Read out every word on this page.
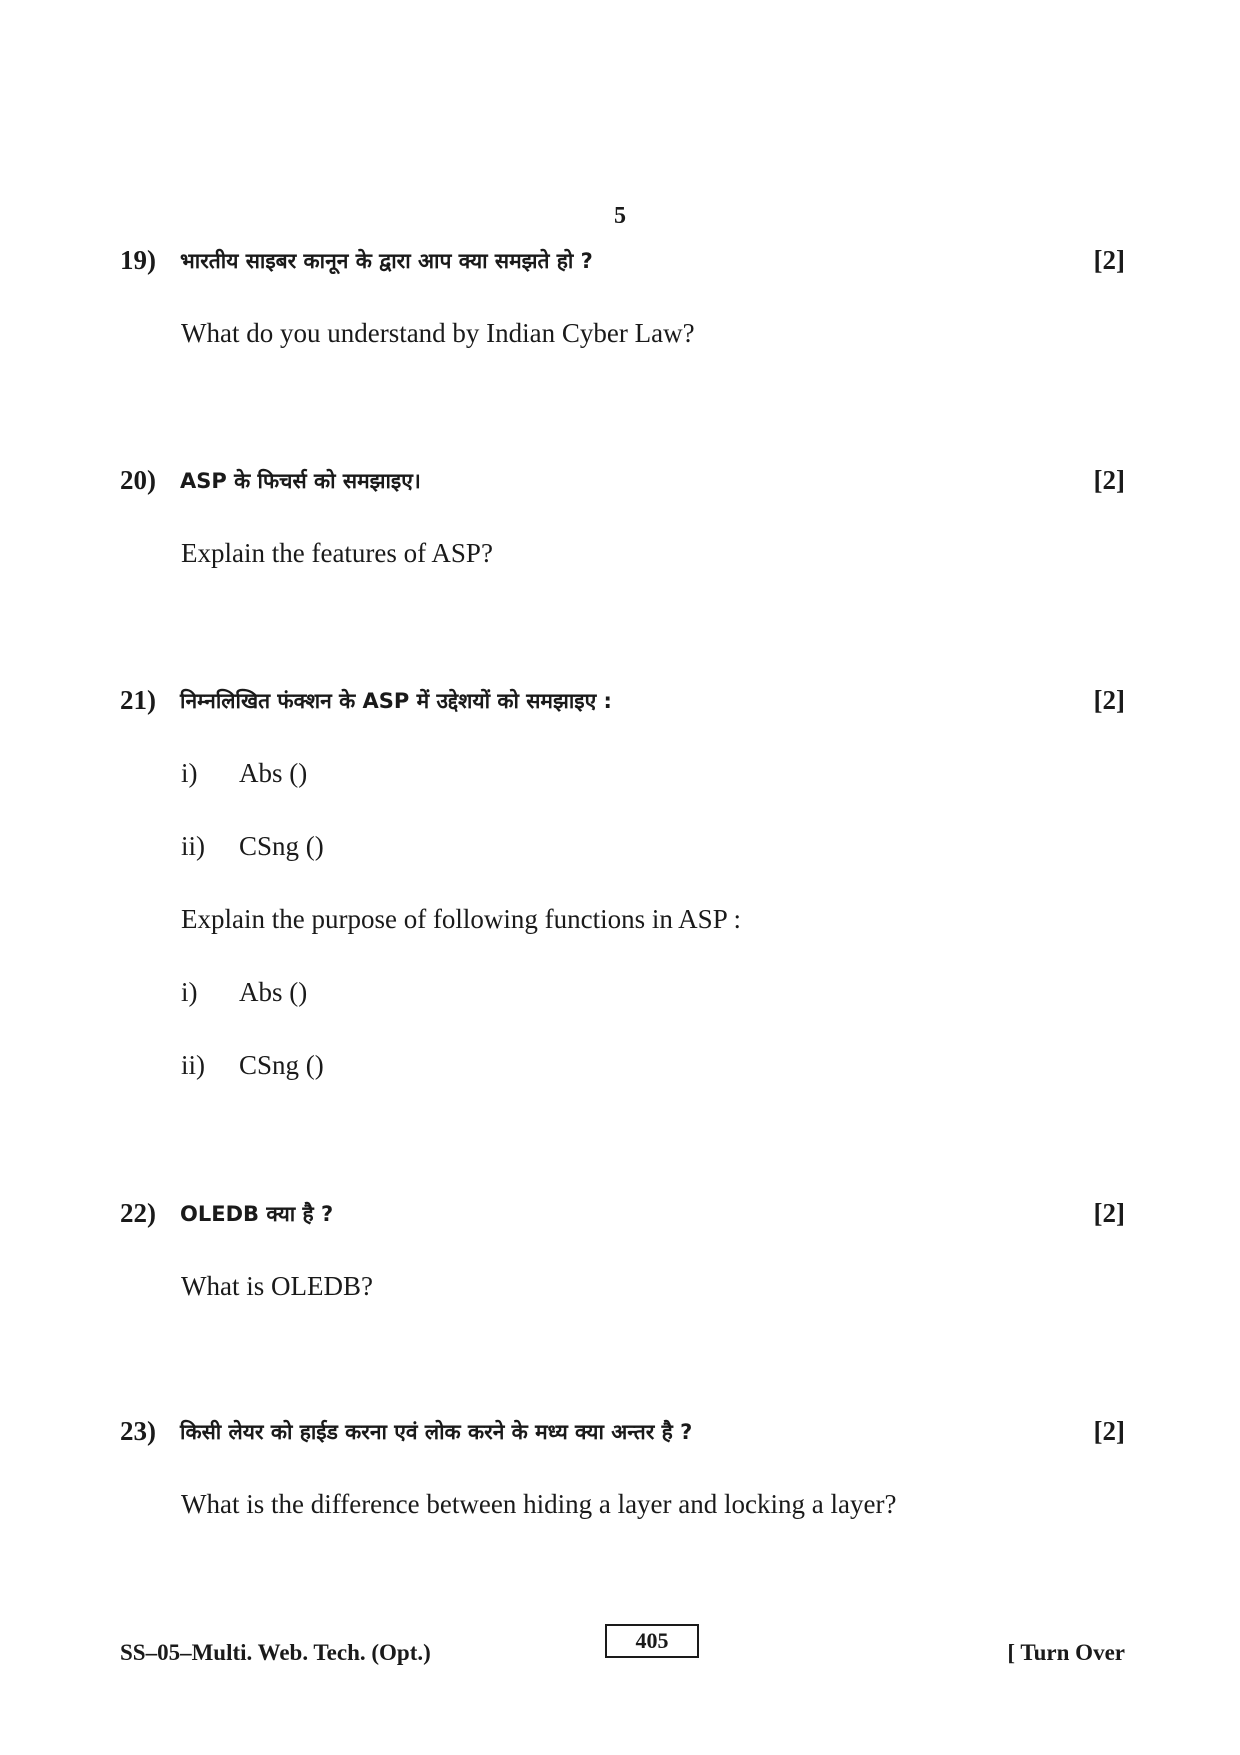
5
19) भारतीय साइबर कानून के द्वारा आप क्या समझते हो ?	[2]
What do you understand by Indian Cyber Law?
20) ASP के फिचर्स को समझाइए।	[2]
Explain the features of ASP?
21) निम्नलिखित फंक्शन के ASP में उद्देशयों को समझाइए :	[2]
i) Abs ()
ii) CSng ()
Explain the purpose of following functions in ASP :
i) Abs ()
ii) CSng ()
22) OLEDB क्या है ?	[2]
What is OLEDB?
23) किसी लेयर को हाईड करना एवं लोक करने के मध्य क्या अन्तर है ?	[2]
What is the difference between hiding a layer and locking a layer?
SS–05–Multi. Web. Tech. (Opt.)	405	[ Turn Over
